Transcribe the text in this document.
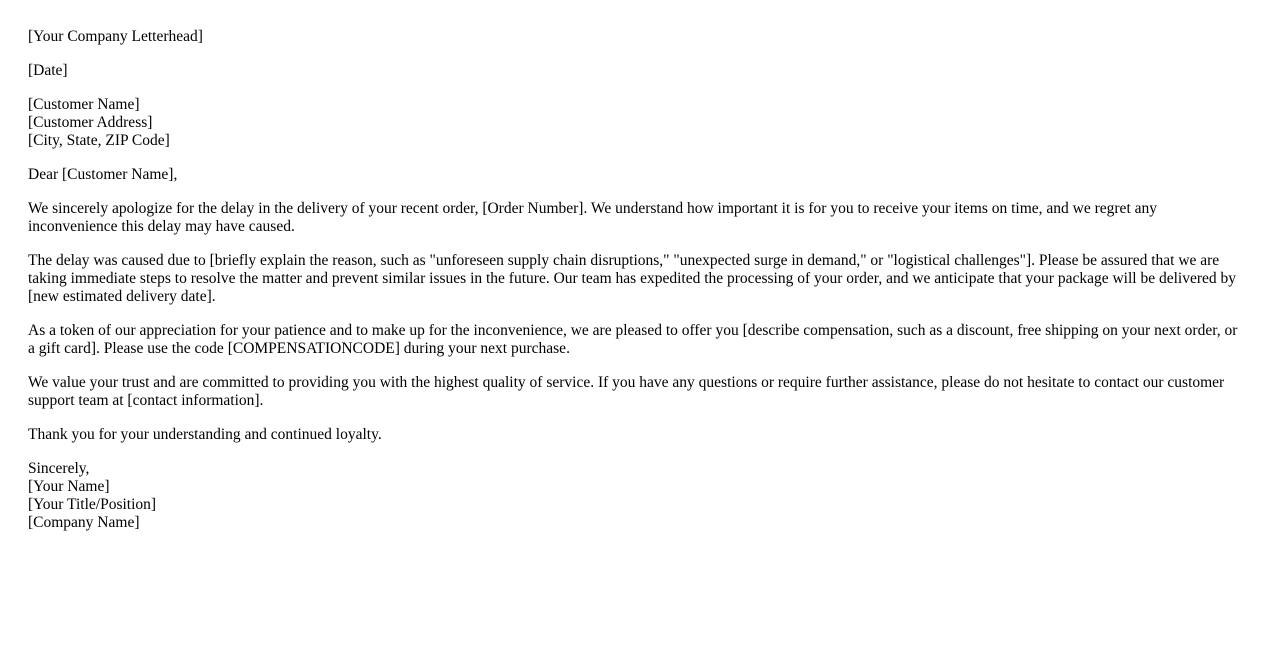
[Your Company Letterhead]

[Date]

[Customer Name]
[Customer Address]
[City, State, ZIP Code]

Dear [Customer Name],

We sincerely apologize for the delay in the delivery of your recent order, [Order Number]. We understand how important it is for you to receive your items on time, and we regret any inconvenience this delay may have caused.

The delay was caused due to [briefly explain the reason, such as "unforeseen supply chain disruptions," "unexpected surge in demand," or "logistical challenges"]. Please be assured that we are taking immediate steps to resolve the matter and prevent similar issues in the future. Our team has expedited the processing of your order, and we anticipate that your package will be delivered by [new estimated delivery date].

As a token of our appreciation for your patience and to make up for the inconvenience, we are pleased to offer you [describe compensation, such as a discount, free shipping on your next order, or a gift card]. Please use the code [COMPENSATIONCODE] during your next purchase.

We value your trust and are committed to providing you with the highest quality of service. If you have any questions or require further assistance, please do not hesitate to contact our customer support team at [contact information].

Thank you for your understanding and continued loyalty.

Sincerely,
[Your Name]
[Your Title/Position]
[Company Name]
